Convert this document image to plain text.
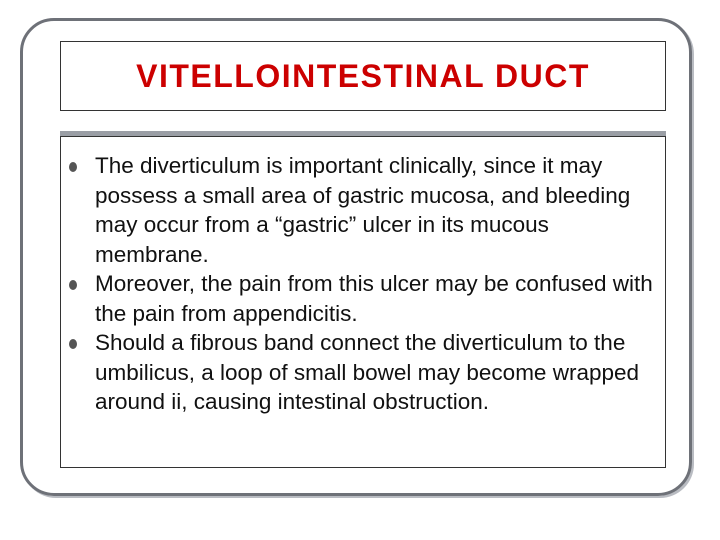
VITELLOINTESTINAL DUCT
The diverticulum is important clinically, since it may possess a small area of gastric mucosa, and bleeding may occur from a “gastric” ulcer in its mucous membrane.
Moreover, the pain from this ulcer may be confused with the pain from appendicitis.
Should a fibrous band connect the diverticulum to the umbilicus, a loop of small bowel may become wrapped around ii, causing intestinal obstruction.
